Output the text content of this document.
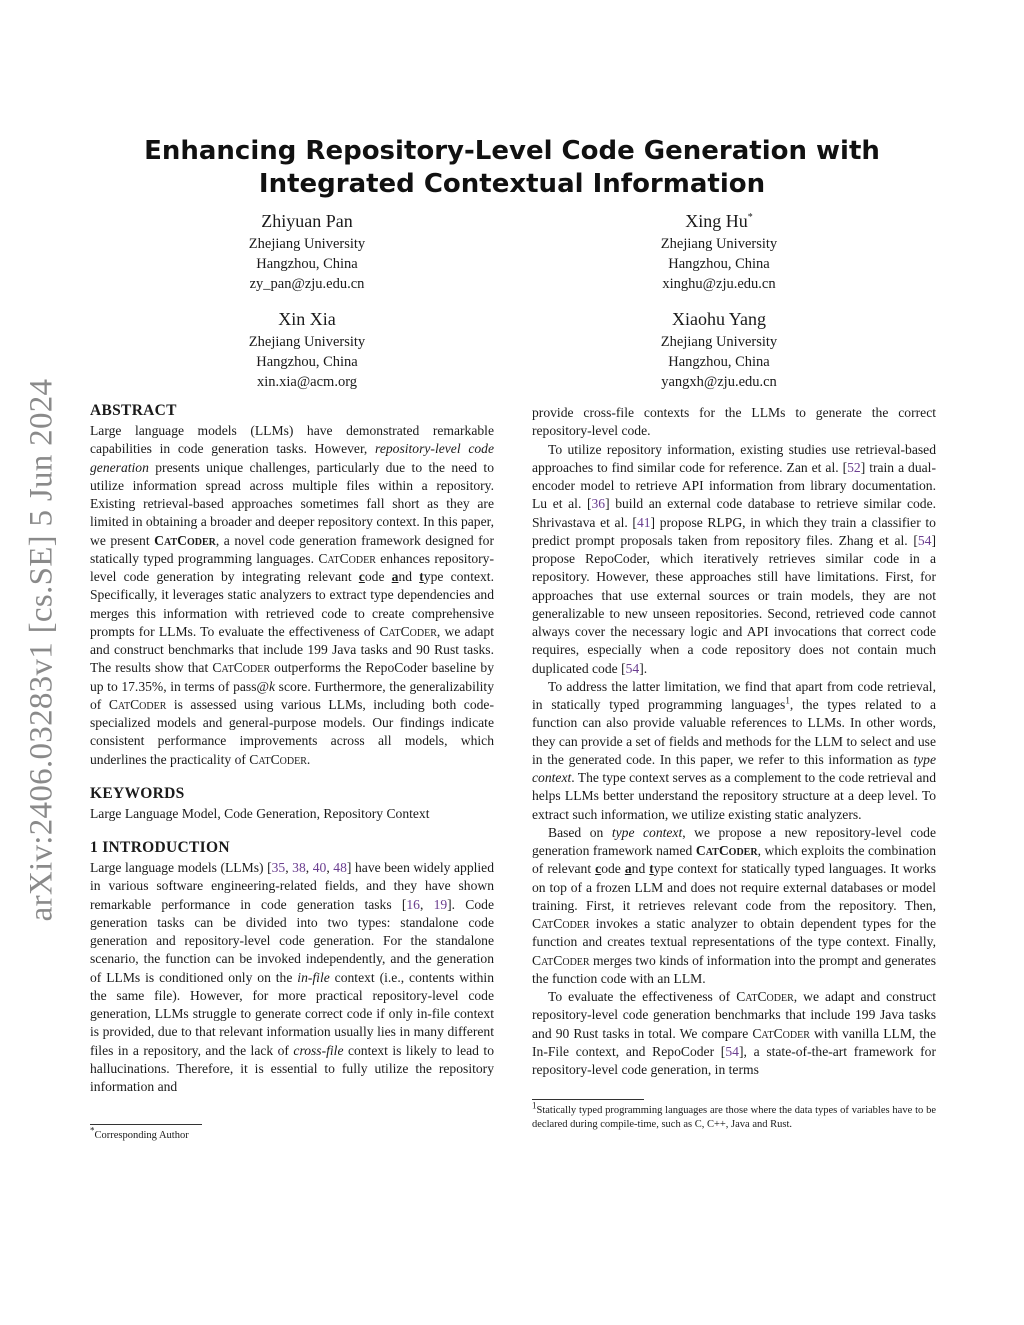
arXiv:2406.03283v1 [cs.SE] 5 Jun 2024
Enhancing Repository-Level Code Generation with Integrated Contextual Information
Zhiyuan Pan
Zhejiang University
Hangzhou, China
zy_pan@zju.edu.cn
Xing Hu*
Zhejiang University
Hangzhou, China
xinghu@zju.edu.cn
Xin Xia
Zhejiang University
Hangzhou, China
xin.xia@acm.org
Xiaohu Yang
Zhejiang University
Hangzhou, China
yangxh@zju.edu.cn
ABSTRACT

Large language models (LLMs) have demonstrated remarkable capabilities in code generation tasks. However, repository-level code generation presents unique challenges, particularly due to the need to utilize information spread across multiple files within a repository. Existing retrieval-based approaches sometimes fall short as they are limited in obtaining a broader and deeper repository context. In this paper, we present CatCoder, a novel code generation framework designed for statically typed programming languages. CatCoder enhances repository-level code generation by integrating relevant code and type context. Specifically, it leverages static analyzers to extract type dependencies and merges this information with retrieved code to create comprehensive prompts for LLMs. To evaluate the effectiveness of CatCoder, we adapt and construct benchmarks that include 199 Java tasks and 90 Rust tasks. The results show that CatCoder outperforms the RepoCoder baseline by up to 17.35%, in terms of pass@k score. Furthermore, the generalizability of CatCoder is assessed using various LLMs, including both code-specialized models and general-purpose models. Our findings indicate consistent performance improvements across all models, which underlines the practicality of CatCoder.

KEYWORDS

Large Language Model, Code Generation, Repository Context

1 INTRODUCTION

Large language models (LLMs) [35, 38, 40, 48] have been widely applied in various software engineering-related fields, and they have shown remarkable performance in code generation tasks [16, 19]. Code generation tasks can be divided into two types: standalone code generation and repository-level code generation. For the standalone scenario, the function can be invoked independently, and the generation of LLMs is conditioned only on the in-file context (i.e., contents within the same file). However, for more practical repository-level code generation, LLMs struggle to generate correct code if only in-file context is provided, due to that relevant information usually lies in many different files in a repository, and the lack of cross-file context is likely to lead to hallucinations. Therefore, it is essential to fully utilize the repository information and

*Corresponding Author

provide cross-file contexts for the LLMs to generate the correct repository-level code.

To utilize repository information, existing studies use retrieval-based approaches to find similar code for reference. Zan et al. [52] train a dual-encoder model to retrieve API information from library documentation. Lu et al. [36] build an external code database to retrieve similar code. Shrivastava et al. [41] propose RLPG, in which they train a classifier to predict prompt proposals taken from repository files. Zhang et al. [54] propose RepoCoder, which iteratively retrieves similar code in a repository. However, these approaches still have limitations. First, for approaches that use external sources or train models, they are not generalizable to new unseen repositories. Second, retrieved code cannot always cover the necessary logic and API invocations that correct code requires, especially when a code repository does not contain much duplicated code [54].

To address the latter limitation, we find that apart from code retrieval, in statically typed programming languages$^1$, the types related to a function can also provide valuable references to LLMs. In other words, they can provide a set of fields and methods for the LLM to select and use in the generated code. In this paper, we refer to this information as type context. The type context serves as a complement to the code retrieval and helps LLMs better understand the repository structure at a deep level. To extract such information, we utilize existing static analyzers.

Based on type context, we propose a new repository-level code generation framework named CatCoder, which exploits the combination of relevant code and type context for statically typed languages. It works on top of a frozen LLM and does not require external databases or model training. First, it retrieves relevant code from the repository. Then, CatCoder invokes a static analyzer to obtain dependent types for the function and creates textual representations of the type context. Finally, CatCoder merges two kinds of information into the prompt and generates the function code with an LLM.

To evaluate the effectiveness of CatCoder, we adapt and construct repository-level code generation benchmarks that include 199 Java tasks and 90 Rust tasks in total. We compare CatCoder with vanilla LLM, the In-File context, and RepoCoder [54], a state-of-the-art framework for repository-level code generation, in terms

$^1$Statically typed programming languages are those where the data types of variables have to be declared during compile-time, such as C, C++, Java and Rust.
